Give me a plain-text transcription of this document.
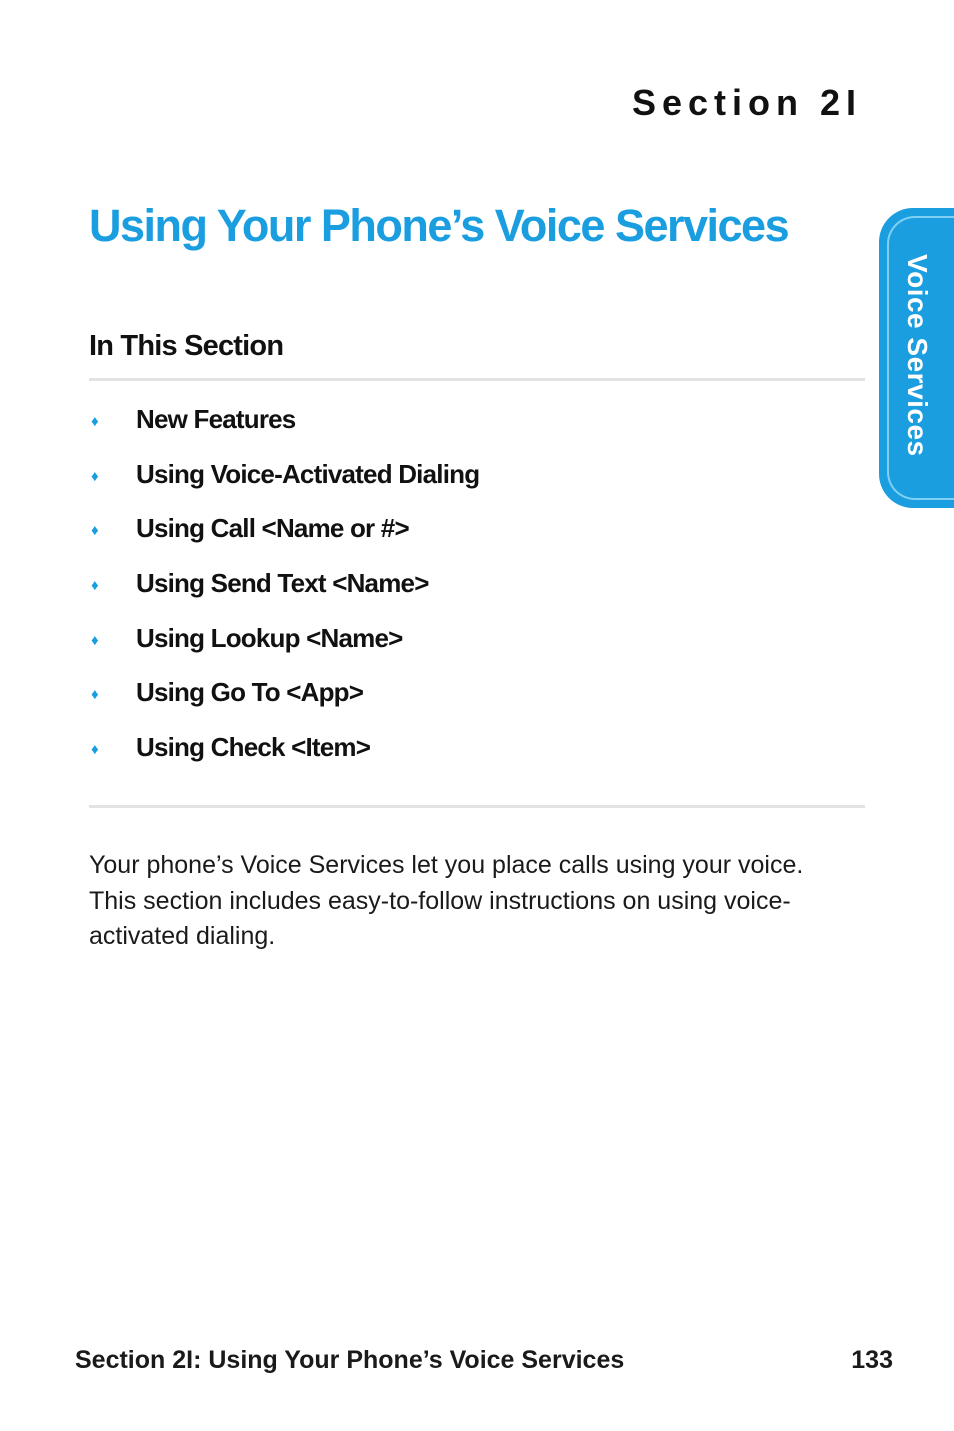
Section 2I
Using Your Phone’s Voice Services
Voice Services
In This Section
♦	New Features
♦	Using Voice-Activated Dialing
♦	Using Call <Name or #>
♦	Using Send Text <Name>
♦	Using Lookup <Name>
♦	Using Go To <App>
♦	Using Check <Item>

Your phone’s Voice Services let you place calls using your voice. This section includes easy-to-follow instructions on using voice-activated dialing.

Section 2I: Using Your Phone’s Voice Services	133
